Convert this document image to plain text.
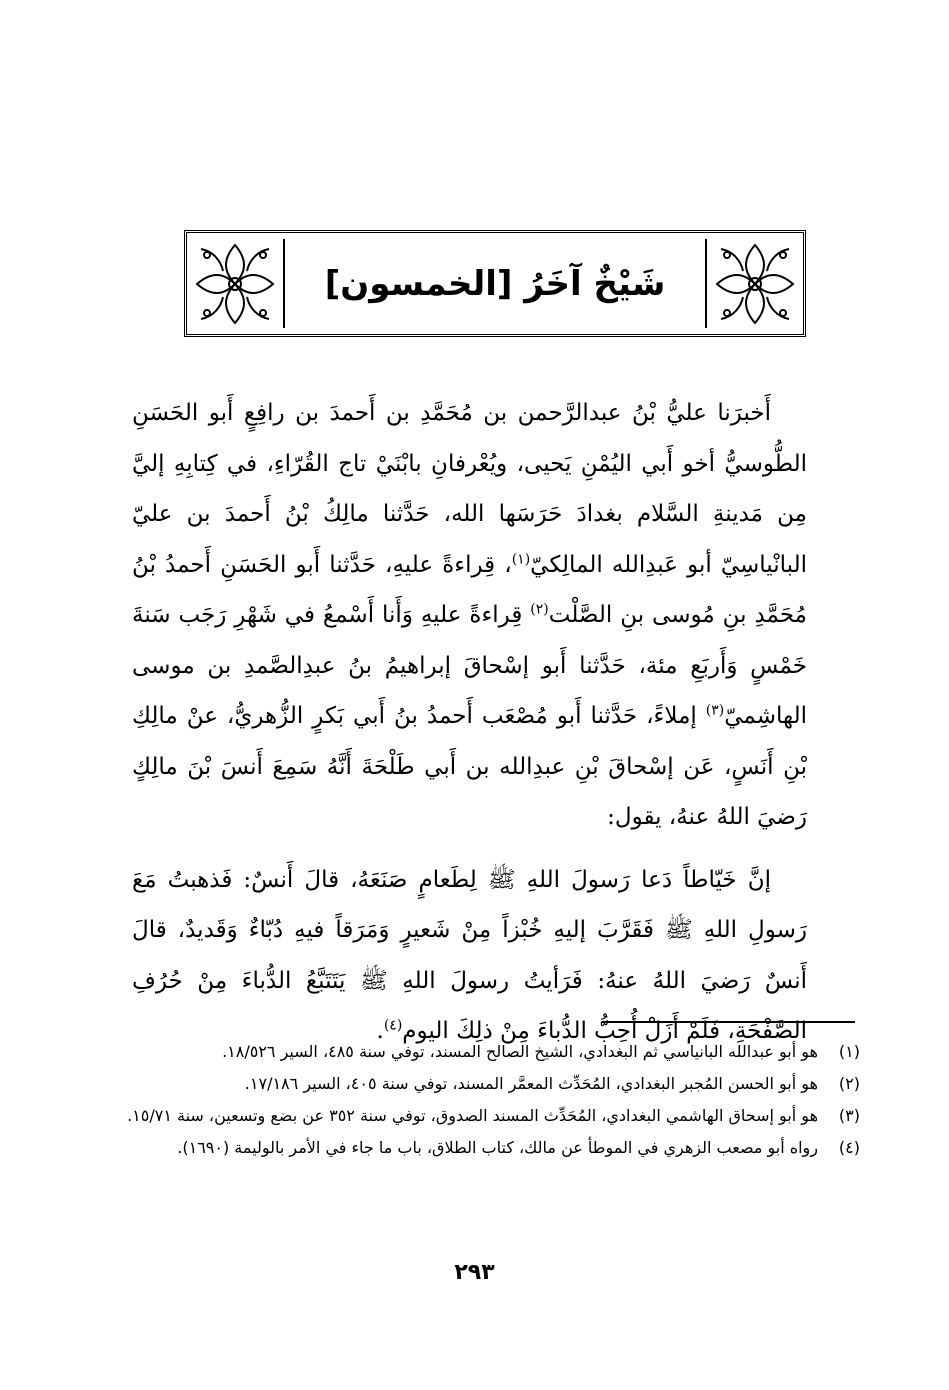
شَيْخٌ آخَرُ [الخمسون]

أَخبرَنا عليُّ بْنُ عبدالرَّحمن بن مُحَمَّدِ بن أَحمدَ بن رافِعٍ أَبو الحَسَنِ الطُّوسيُّ أخو أَبي اليُمْنِ يَحيى، ويُعْرفانِ بابْنَيْ تاج القُرّاءِ، في كِتابِهِ إليَّ مِن مَدينةِ السَّلام بغدادَ حَرَسَها الله، حَدَّثنا مالِكُ بْنُ أَحمدَ بن عليّ البانْياسِيّ أبو عَبدِالله المالِكيّ$^{(١)}$، قِراءةً عليهِ، حَدَّثنا أَبو الحَسَنِ أَحمدُ بْنُ مُحَمَّدِ بنِ مُوسى بنِ الصَّلْت$^{(٢)}$ قِراءةً عليهِ وَأَنا أَسْمعُ في شَهْرِ رَجَب سَنةَ خَمْسٍ وَأَربَعِ مئة، حَدَّثنا أَبو إسْحاقَ إبراهيمُ بنُ عبدِالصَّمدِ بن موسى الهاشِميّ$^{(٣)}$ إملاءً، حَدَّثنا أَبو مُصْعَب أَحمدُ بنُ أَبي بَكرٍ الزُّهريُّ، عنْ مالِكِ بْنِ أَنَسٍ، عَن إسْحاقَ بْنِ عبدِالله بن أَبي طَلْحَةَ أَنَّهُ سَمِعَ أَنسَ بْنَ مالِكٍ رَضيَ اللهُ عنهُ، يقول:

إنَّ خَيّاطاً دَعا رَسولَ اللهِ ﷺ لِطَعامٍ صَنَعَهُ، قالَ أَنسٌ: فَذهبتُ مَعَ رَسولِ اللهِ ﷺ فَقَرَّبَ إليهِ خُبْزاً مِنْ شَعيرٍ وَمَرَقاً فيهِ دُبّاءٌ وَقَديدٌ، قالَ أَنسٌ رَضيَ اللهُ عنهُ: فَرَأيتُ رسولَ اللهِ ﷺ يَتَتَبَّعُ الدُّباءَ مِنْ حُرُفِ الصَّفْحَةِ، فَلَمْ أَزَلْ أُحِبُّ الدُّباءَ مِنْ ذلِكَ اليوم$^{(٤)}$.

(١)
هو أبو عبدالله البانياسي ثم البغدادي، الشيخ الصالح المسند، توفي سنة ٤٨٥، السير ١٨/٥٢٦.
(٢)
هو أبو الحسن المُجبر البغدادي، المُحَدِّث المعمَّر المسند، توفي سنة ٤٠٥، السير ١٧/١٨٦.
(٣)
هو أبو إسحاق الهاشمي البغدادي، المُحَدِّث المسند الصدوق، توفي سنة ٣٥٢ عن بضع وتسعين، سنة ١٥/٧١.
(٤)
رواه أبو مصعب الزهري في الموطأ عن مالك، كتاب الطلاق، باب ما جاء في الأمر بالوليمة (١٦٩٠).
٢٩٣
